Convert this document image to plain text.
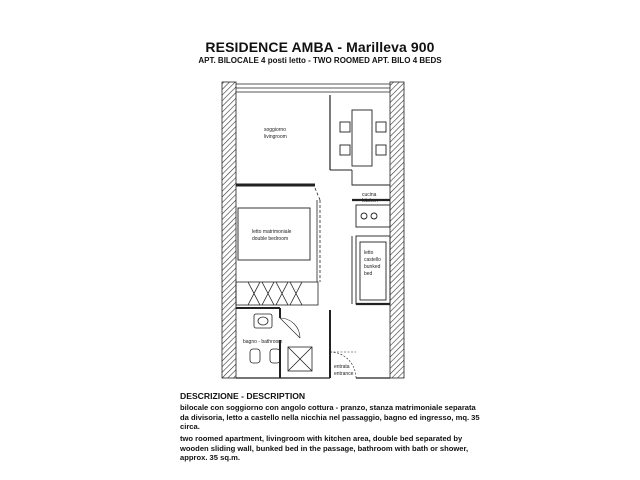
RESIDENCE AMBA - Marilleva 900
APT. BILOCALE 4 posti letto - TWO ROOMED APT. BILO 4 BEDS
soggiorno livingroom
cucina kitchen
letto matrimoniale double bedroom
letto castello bunked bed
bagno - bathroom
entrata entrance
DESCRIZIONE - DESCRIPTION
bilocale con soggiorno con angolo cottura - pranzo, stanza matrimoniale separata da divisoria, letto a castello nella nicchia nel passaggio, bagno ed ingresso, mq. 35 circa.
two roomed apartment, livingroom with kitchen area, double bed separated by wooden sliding wall, bunked bed in the passage, bathroom with bath or shower, approx. 35 sq.m.
